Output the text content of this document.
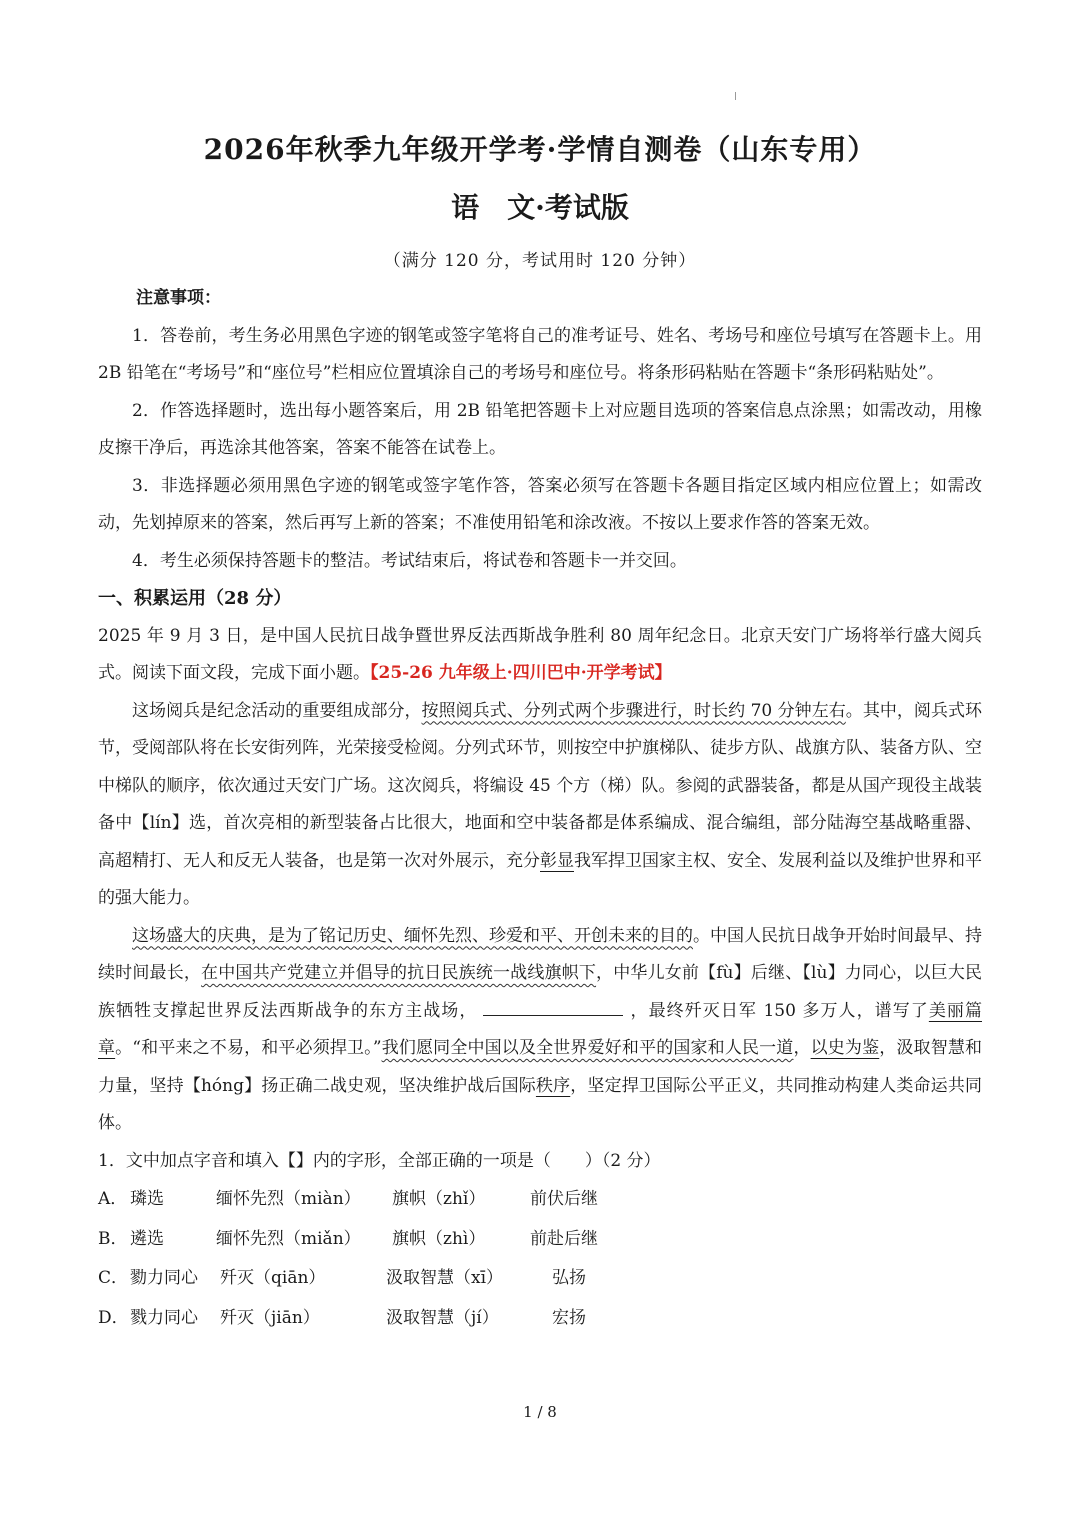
2026年秋季九年级开学考·学情自测卷（山东专用）
语　文·考试版
（满分 120 分，考试用时 120 分钟）

注意事项：

1．答卷前，考生务必用黑色字迹的钢笔或签字笔将自己的准考证号、姓名、考场号和座位号填写在答题卡上。用 2B 铅笔在“考场号”和“座位号”栏相应位置填涂自己的考场号和座位号。将条形码粘贴在答题卡“条形码粘贴处”。

2．作答选择题时，选出每小题答案后，用 2B 铅笔把答题卡上对应题目选项的答案信息点涂黑；如需改动，用橡皮擦干净后，再选涂其他答案，答案不能答在试卷上。

3．非选择题必须用黑色字迹的钢笔或签字笔作答，答案必须写在答题卡各题目指定区域内相应位置上；如需改动，先划掉原来的答案，然后再写上新的答案；不准使用铅笔和涂改液。不按以上要求作答的答案无效。

4．考生必须保持答题卡的整洁。考试结束后，将试卷和答题卡一并交回。

一、积累运用（28 分）

2025 年 9 月 3 日，是中国人民抗日战争暨世界反法西斯战争胜利 80 周年纪念日。北京天安门广场将举行盛大阅兵式。阅读下面文段，完成下面小题。【25-26 九年级上·四川巴中·开学考试】

这场阅兵是纪念活动的重要组成部分，按照阅兵式、分列式两个步骤进行，时长约 70 分钟左右。其中，阅兵式环节，受阅部队将在长安街列阵，光荣接受检阅。分列式环节，则按空中护旗梯队、徒步方队、战旗方队、装备方队、空中梯队的顺序，依次通过天安门广场。这次阅兵，将编设 45 个方（梯）队。参阅的武器装备，都是从国产现役主战装备中【lín】选，首次亮相的新型装备占比很大，地面和空中装备都是体系编成、混合编组，部分陆海空基战略重器、高超精打、无人和反无人装备，也是第一次对外展示，充分彰显我军捍卫国家主权、安全、发展利益以及维护世界和平的强大能力。

这场盛大的庆典，是为了铭记历史、缅怀先烈、珍爱和平、开创未来的目的。中国人民抗日战争开始时间最早、持续时间最长，在中国共产党建立并倡导的抗日民族统一战线旗帜下，中华儿女前【fù】后继、【lù】力同心，以巨大民族牺牲支撑起世界反法西斯战争的东方主战场，	，最终歼灭日军 150 多万人，谱写了美丽篇章。“和平来之不易，和平必须捍卫。”我们愿同全中国以及全世界爱好和平的国家和人民一道，以史为鉴，汲取智慧和力量，坚持【hóng】扬正确二战史观，坚决维护战后国际秩序，坚定捍卫国际公平正义，共同推动构建人类命运共同体。

1．文中加点字音和填入【】内的字形，全部正确的一项是（　　）（2 分）

A． 璘选	缅怀先烈（miàn）	旗帜（zhǐ）	前伏后继
B． 遴选	缅怀先烈（miǎn）	旗帜（zhì）	前赴后继
C． 勠力同心	歼灭（qiān）	汲取智慧（xī）	弘扬
D． 戮力同心	歼灭（jiān）	汲取智慧（jí）	宏扬
1 / 8
